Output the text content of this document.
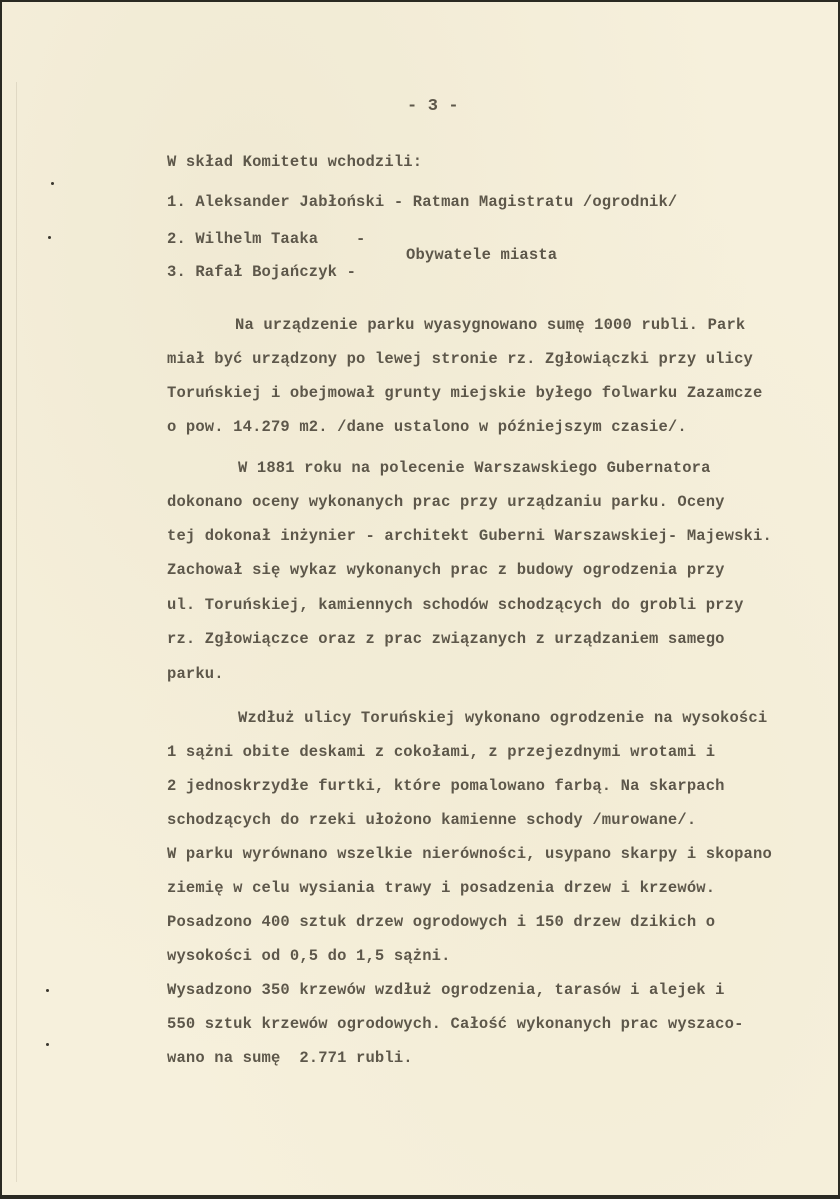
- 3 -
W skład Komitetu wchodzili:
1. Aleksander Jabłoński - Ratman Magistratu /ogrodnik/
2. Wilhelm Taaka    -
Obywatele miasta
3. Rafał Bojańczyk -
Na urządzenie parku wyasygnowano sumę 1000 rubli. Park
miał być urządzony po lewej stronie rz. Zgłowiączki przy ulicy
Toruńskiej i obejmował grunty miejskie byłego folwarku Zazamcze
o pow. 14.279 m2. /dane ustalono w późniejszym czasie/.
W 1881 roku na polecenie Warszawskiego Gubernatora
dokonano oceny wykonanych prac przy urządzaniu parku. Oceny
tej dokonał inżynier - architekt Guberni Warszawskiej- Majewski.
Zachował się wykaz wykonanych prac z budowy ogrodzenia przy
ul. Toruńskiej, kamiennych schodów schodzących do grobli przy
rz. Zgłowiączce oraz z prac związanych z urządzaniem samego
parku.
Wzdłuż ulicy Toruńskiej wykonano ogrodzenie na wysokości
1 sążni obite deskami z cokołami, z przejezdnymi wrotami i
2 jednoskrzydłe furtki, które pomalowano farbą. Na skarpach
schodzących do rzeki ułożono kamienne schody /murowane/.
W parku wyrównano wszelkie nierówności, usypano skarpy i skopano
ziemię w celu wysiania trawy i posadzenia drzew i krzewów.
Posadzono 400 sztuk drzew ogrodowych i 150 drzew dzikich o
wysokości od 0,5 do 1,5 sążni.
Wysadzono 350 krzewów wzdłuż ogrodzenia, tarasów i alejek i
550 sztuk krzewów ogrodowych. Całość wykonanych prac wyszaco-
wano na sumę  2.771 rubli.
